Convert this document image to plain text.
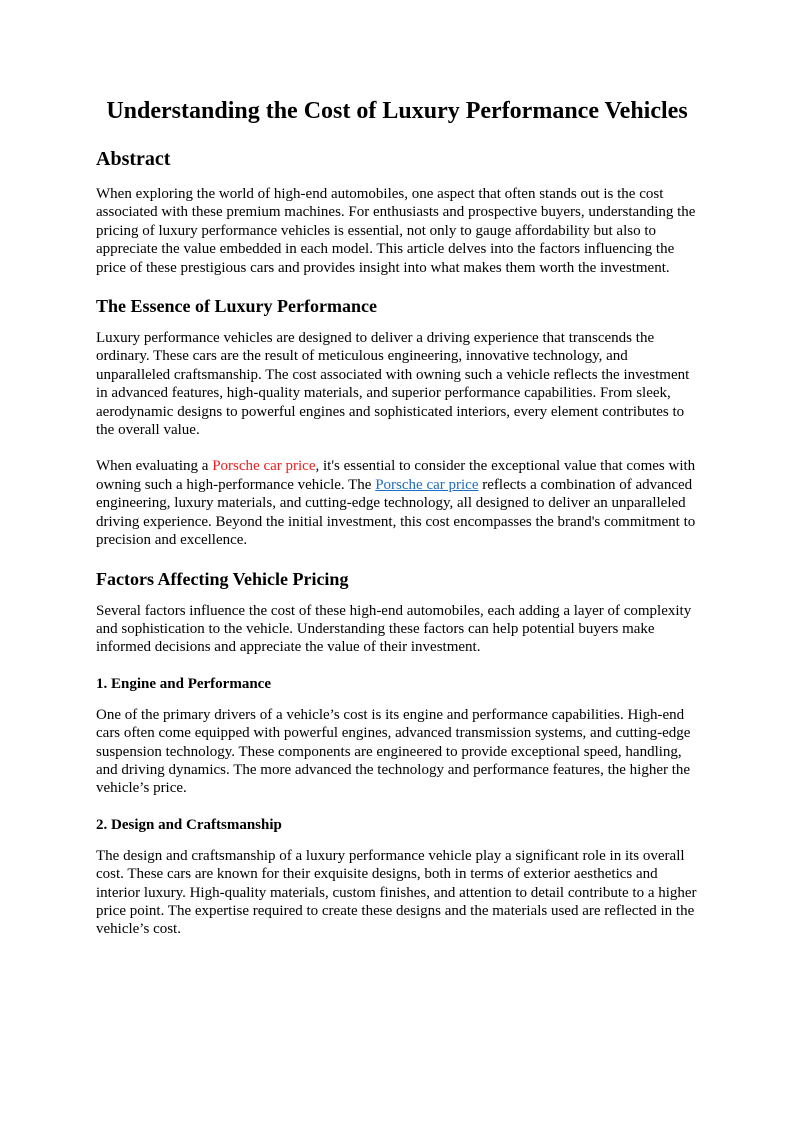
Understanding the Cost of Luxury Performance Vehicles
Abstract

When exploring the world of high-end automobiles, one aspect that often stands out is the cost associated with these premium machines. For enthusiasts and prospective buyers, understanding the pricing of luxury performance vehicles is essential, not only to gauge affordability but also to appreciate the value embedded in each model. This article delves into the factors influencing the price of these prestigious cars and provides insight into what makes them worth the investment.

The Essence of Luxury Performance

Luxury performance vehicles are designed to deliver a driving experience that transcends the ordinary. These cars are the result of meticulous engineering, innovative technology, and unparalleled craftsmanship. The cost associated with owning such a vehicle reflects the investment in advanced features, high-quality materials, and superior performance capabilities. From sleek, aerodynamic designs to powerful engines and sophisticated interiors, every element contributes to the overall value.

When evaluating a Porsche car price, it's essential to consider the exceptional value that comes with owning such a high-performance vehicle. The Porsche car price reflects a combination of advanced engineering, luxury materials, and cutting-edge technology, all designed to deliver an unparalleled driving experience. Beyond the initial investment, this cost encompasses the brand's commitment to precision and excellence.

Factors Affecting Vehicle Pricing

Several factors influence the cost of these high-end automobiles, each adding a layer of complexity and sophistication to the vehicle. Understanding these factors can help potential buyers make informed decisions and appreciate the value of their investment.

1. Engine and Performance

One of the primary drivers of a vehicle’s cost is its engine and performance capabilities. High-end cars often come equipped with powerful engines, advanced transmission systems, and cutting-edge suspension technology. These components are engineered to provide exceptional speed, handling, and driving dynamics. The more advanced the technology and performance features, the higher the vehicle’s price.

2. Design and Craftsmanship

The design and craftsmanship of a luxury performance vehicle play a significant role in its overall cost. These cars are known for their exquisite designs, both in terms of exterior aesthetics and interior luxury. High-quality materials, custom finishes, and attention to detail contribute to a higher price point. The expertise required to create these designs and the materials used are reflected in the vehicle’s cost.
